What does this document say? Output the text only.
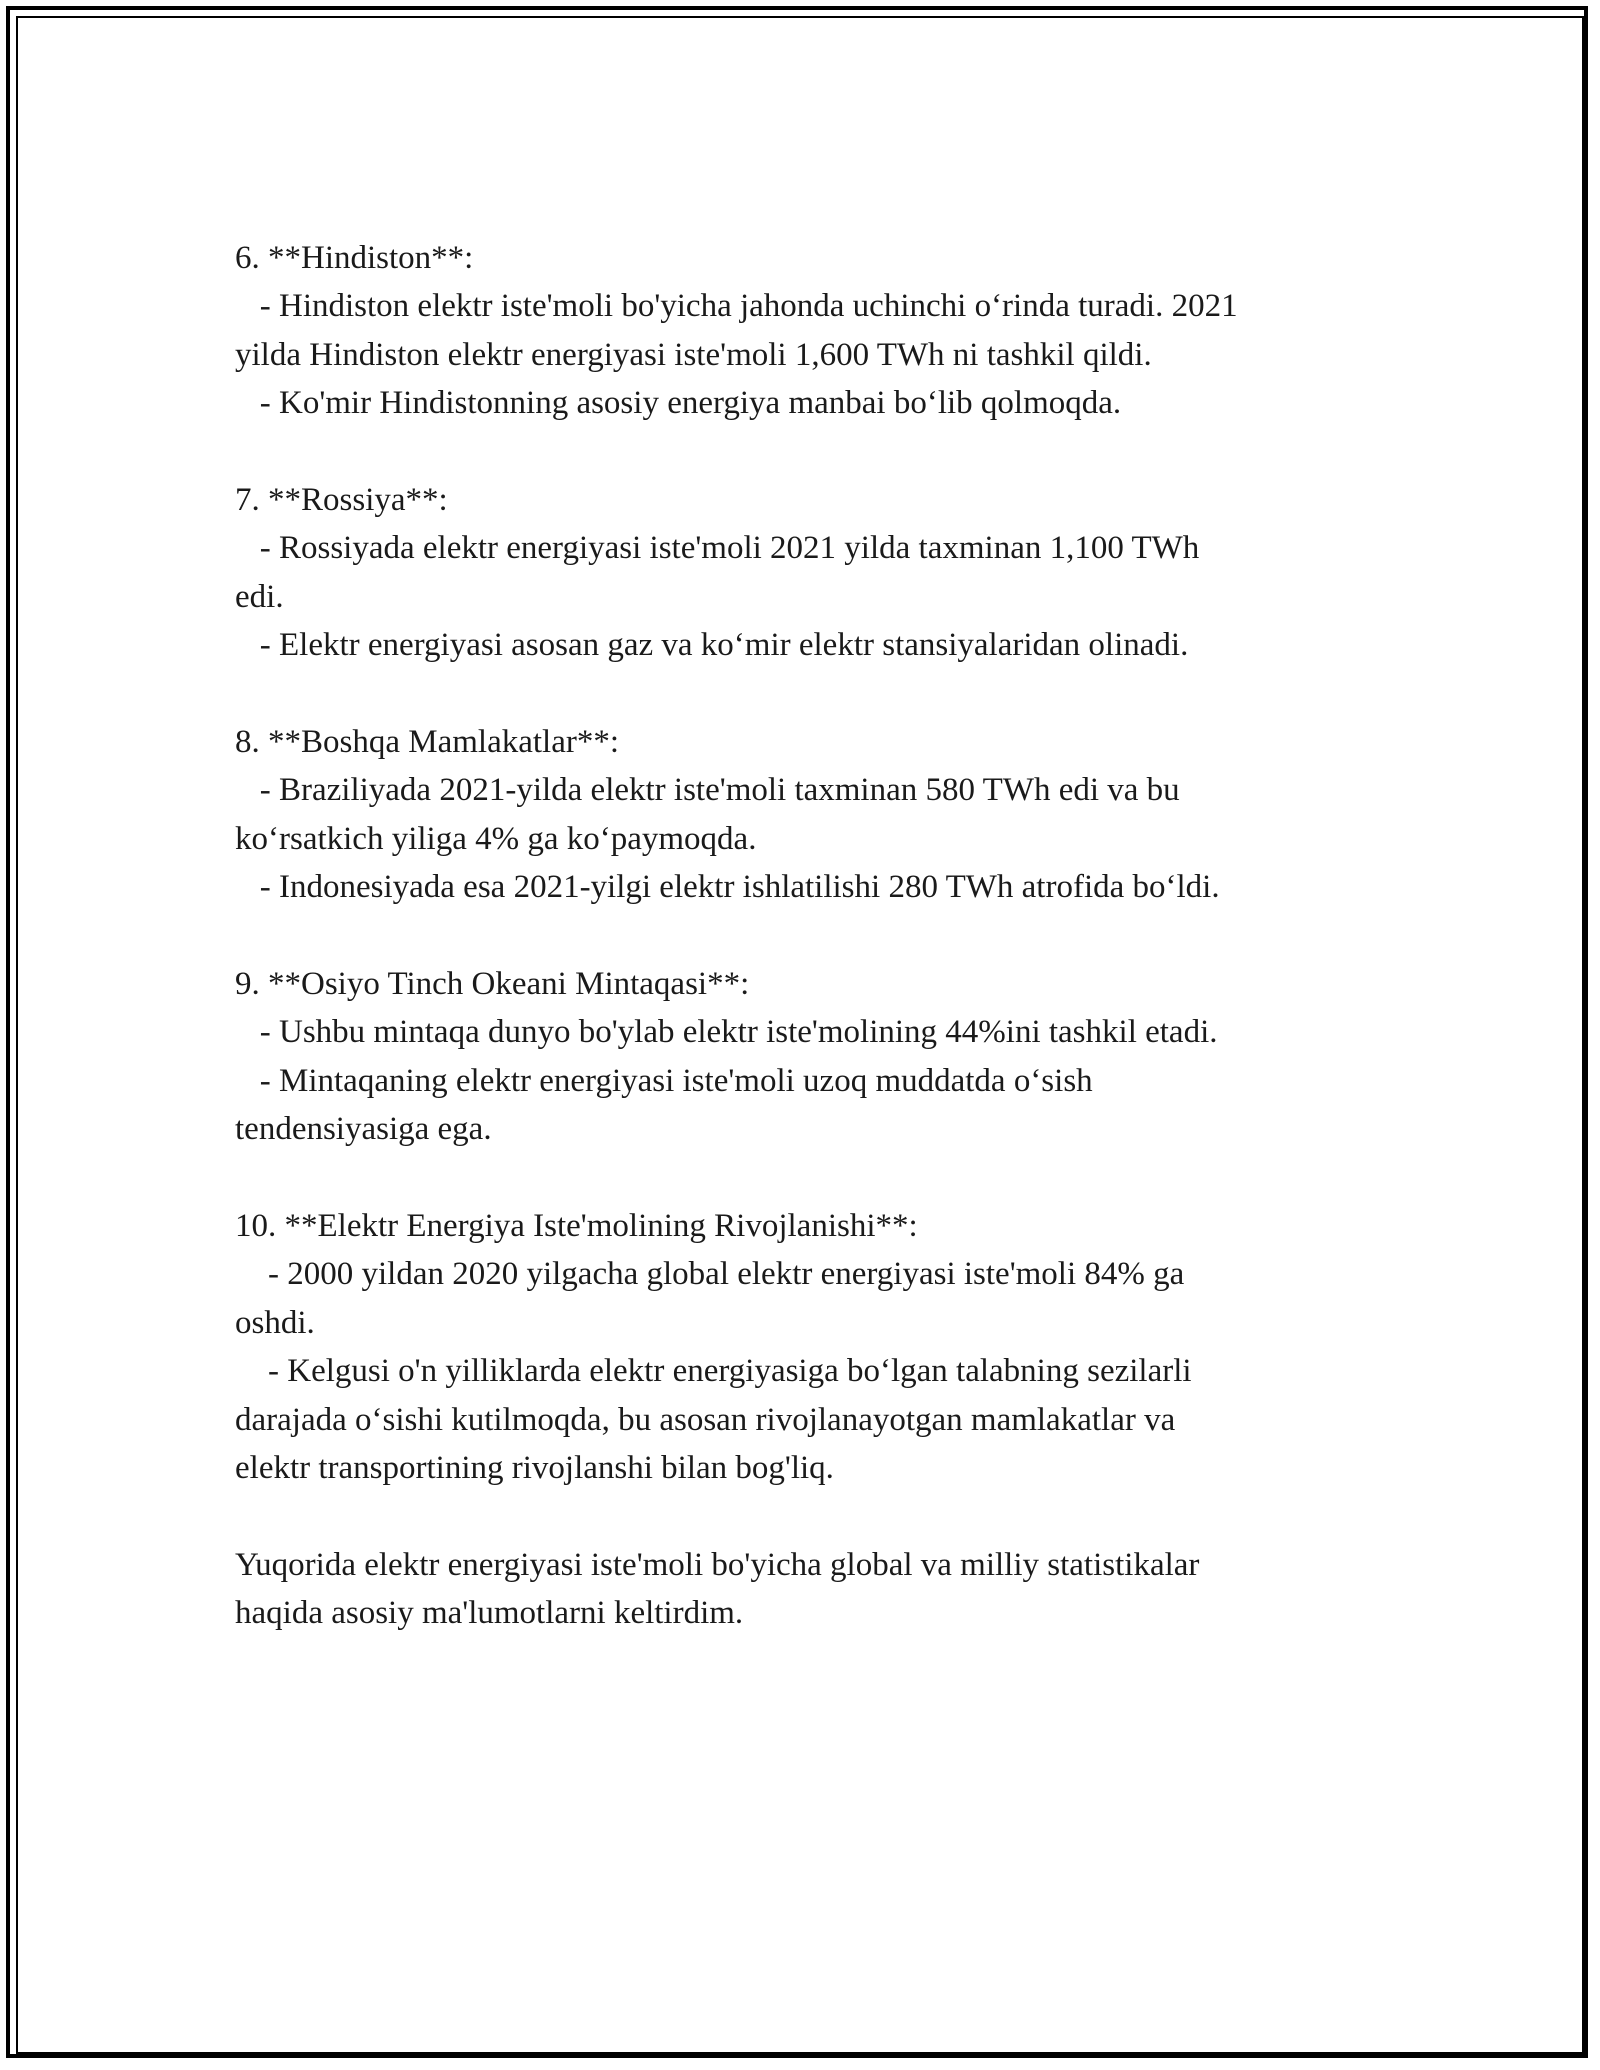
6. **Hindiston**:
- Hindiston elektr iste'moli bo'yicha jahonda uchinchi o‘rinda turadi. 2021
yilda Hindiston elektr energiyasi iste'moli 1,600 TWh ni tashkil qildi.
- Ko'mir Hindistonning asosiy energiya manbai bo‘lib qolmoqda.
7. **Rossiya**:
- Rossiyada elektr energiyasi iste'moli 2021 yilda taxminan 1,100 TWh
edi.
- Elektr energiyasi asosan gaz va ko‘mir elektr stansiyalaridan olinadi.
8. **Boshqa Mamlakatlar**:
- Braziliyada 2021-yilda elektr iste'moli taxminan 580 TWh edi va bu
ko‘rsatkich yiliga 4% ga ko‘paymoqda.
- Indonesiyada esa 2021-yilgi elektr ishlatilishi 280 TWh atrofida bo‘ldi.
9. **Osiyo Tinch Okeani Mintaqasi**:
- Ushbu mintaqa dunyo bo'ylab elektr iste'molining 44%ini tashkil etadi.
- Mintaqaning elektr energiyasi iste'moli uzoq muddatda o‘sish
tendensiyasiga ega.
10. **Elektr Energiya Iste'molining Rivojlanishi**:
- 2000 yildan 2020 yilgacha global elektr energiyasi iste'moli 84% ga
oshdi.
- Kelgusi o'n yilliklarda elektr energiyasiga bo‘lgan talabning sezilarli
darajada o‘sishi kutilmoqda, bu asosan rivojlanayotgan mamlakatlar va
elektr transportining rivojlanshi bilan bog'liq.
Yuqorida elektr energiyasi iste'moli bo'yicha global va milliy statistikalar
haqida asosiy ma'lumotlarni keltirdim.
